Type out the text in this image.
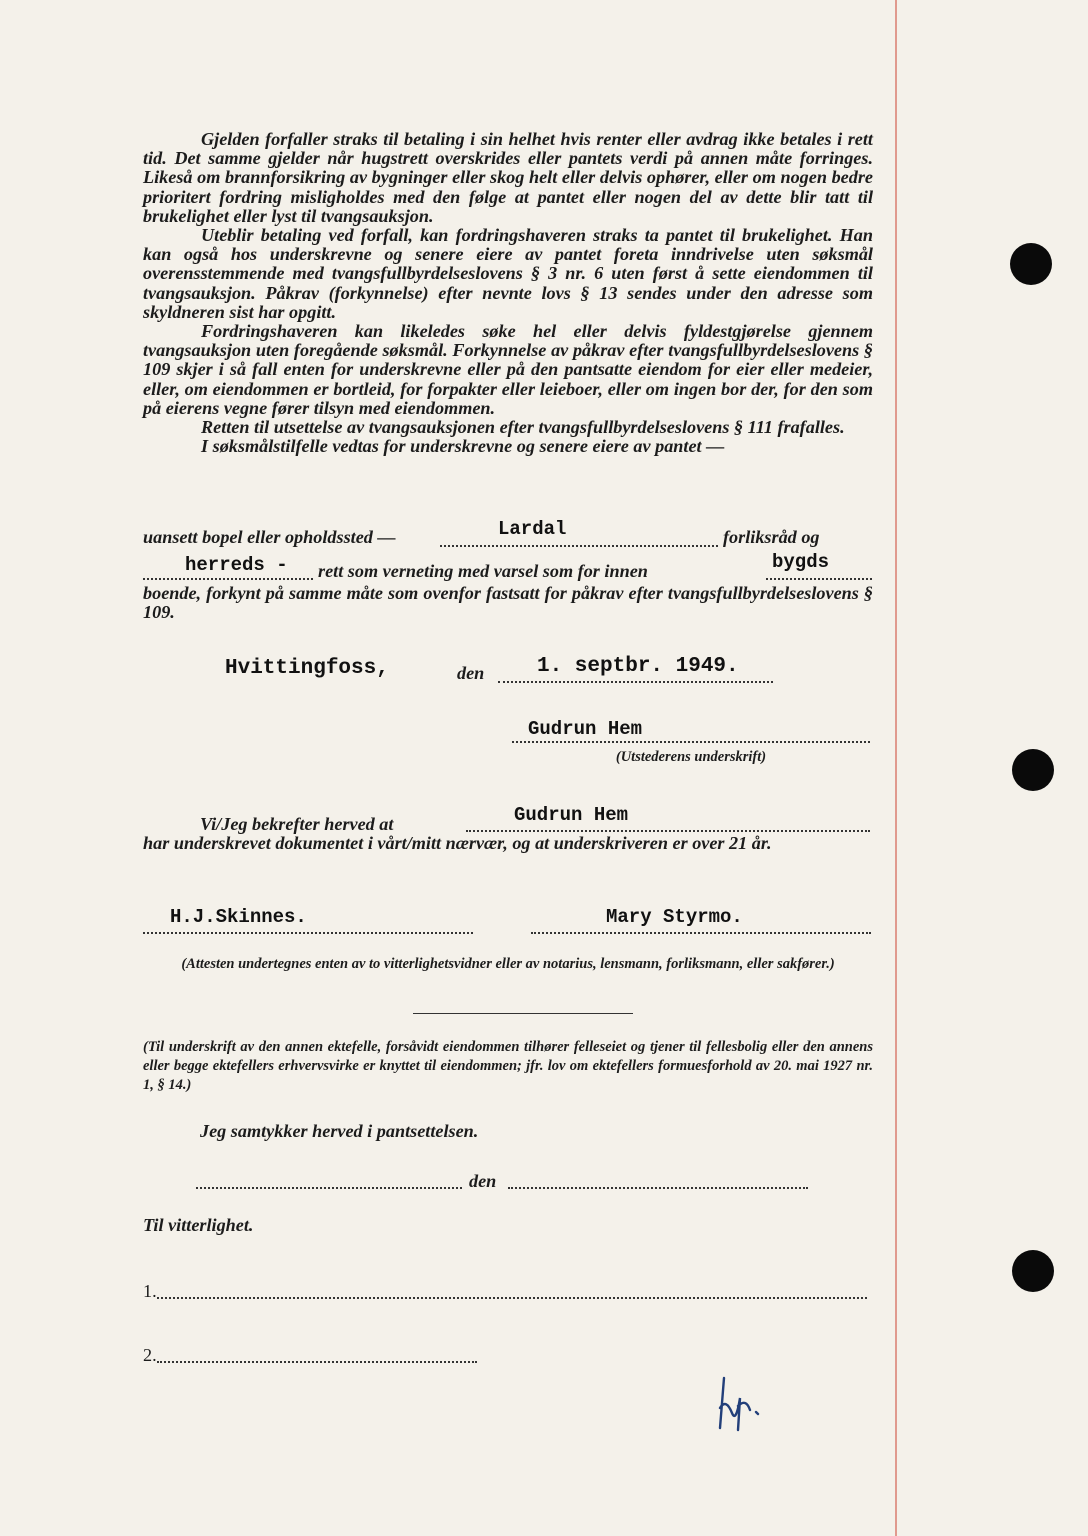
Gjelden forfaller straks til betaling i sin helhet hvis renter eller avdrag ikke betales i rett tid. Det samme gjelder når hugstrett overskrides eller pantets verdi på annen måte forringes. Likeså om brannforsikring av bygninger eller skog helt eller delvis ophører, eller om nogen bedre prioritert fordring misligholdes med den følge at pantet eller nogen del av dette blir tatt til brukelighet eller lyst til tvangsauksjon.

Uteblir betaling ved forfall, kan fordringshaveren straks ta pantet til brukelighet. Han kan også hos underskrevne og senere eiere av pantet foreta inndrivelse uten søksmål overensstemmende med tvangsfullbyrdelseslovens § 3 nr. 6 uten først å sette eiendommen til tvangsauksjon. Påkrav (forkynnelse) efter nevnte lovs § 13 sendes under den adresse som skyldneren sist har opgitt.

Fordringshaveren kan likeledes søke hel eller delvis fyldestgjørelse gjennem tvangsauksjon uten foregående søksmål. Forkynnelse av påkrav efter tvangsfullbyrdelseslovens § 109 skjer i så fall enten for underskrevne eller på den pantsatte eiendom for eier eller medeier, eller, om eiendommen er bortleid, for forpakter eller leieboer, eller om ingen bor der, for den som på eierens vegne fører tilsyn med eiendommen.

Retten til utsettelse av tvangsauksjonen efter tvangsfullbyrdelseslovens § 111 frafalles.

I søksmålstilfelle vedtas for underskrevne og senere eiere av pantet —

uansett bopel eller opholdssted —	Lardal	forliksråd og
herreds - rett som verneting med varsel som for innen	bygds

boende, forkynt på samme måte som ovenfor fastsatt for påkrav efter tvangsfullbyrdelseslovens § 109.

Hvittingfoss,	den	1. septbr. 1949.
Gudrun Hem
(Utstederens underskrift)
Vi/Jeg bekrefter herved at	Gudrun Hem

har underskrevet dokumentet i vårt/mitt nærvær, og at underskriveren er over 21 år.

H.J.Skinnes.	Mary Styrmo.
(Attesten undertegnes enten av to vitterlighetsvidner eller av notarius, lensmann, forliksmann, eller sakfører.)
(Til underskrift av den annen ektefelle, forsåvidt eiendommen tilhører felleseiet og tjener til fellesbolig eller den annens eller begge ektefellers erhvervsvirke er knyttet til eiendommen; jfr. lov om ektefellers formuesforhold av 20. mai 1927 nr. 1, § 14.)
Jeg samtykker herved i pantsettelsen.
den
Til vitterlighet.
1.
2.
